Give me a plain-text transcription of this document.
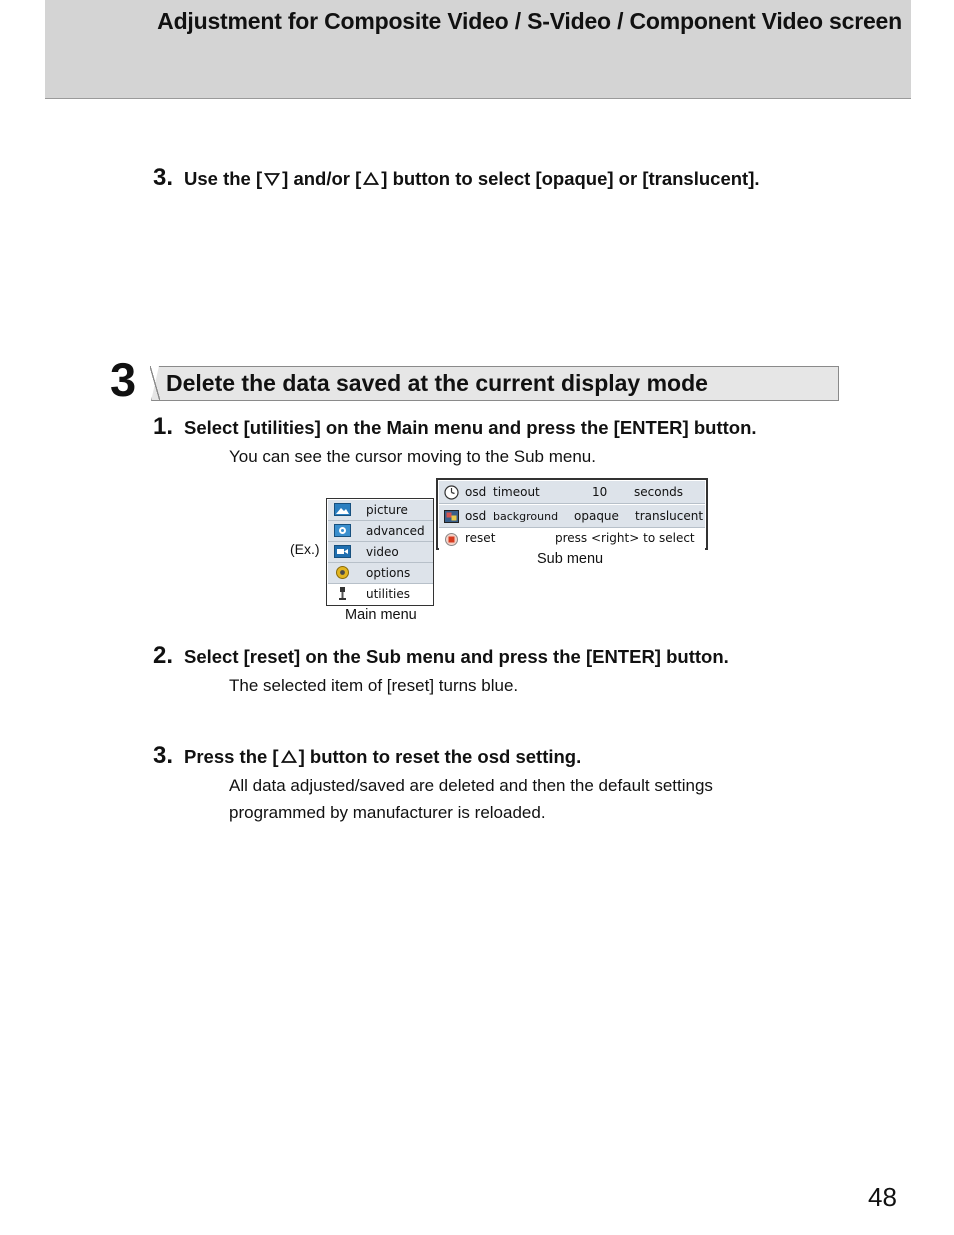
Adjustment for Composite Video / S-Video / Component Video screen
3. Use the [ ] and/or [ ] button to select [opaque] or [translucent].
3 Delete the data saved at the current display mode
1. Select [utilities] on the Main menu and press the [ENTER] button.
You can see the cursor moving to the Sub menu.
(Ex.)
picture
advanced
video
options
utilities
Main menu
osd timeout	10 seconds
osd background opaque translucent
reset	press <right> to select
Sub menu
2. Select [reset] on the Sub menu and press the [ENTER] button.
The selected item of [reset] turns blue.
3. Press the [ ] button to reset the osd setting.
All data adjusted/saved are deleted and then the default settings
programmed by manufacturer is reloaded.
48
